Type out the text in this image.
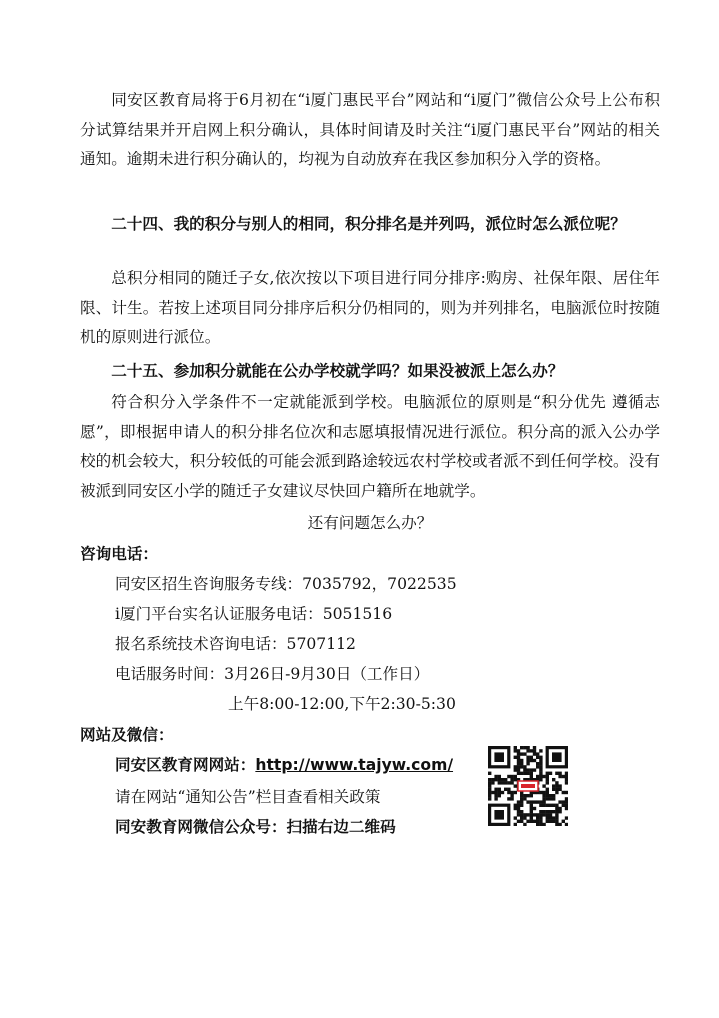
同安区教育局将于6月初在“i厦门惠民平台”网站和“i厦门”微信公众号上公布积分试算结果并开启网上积分确认，具体时间请及时关注“i厦门惠民平台”网站的相关通知。逾期未进行积分确认的，均视为自动放弃在我区参加积分入学的资格。

二十四、我的积分与别人的相同，积分排名是并列吗，派位时怎么派位呢？

总积分相同的随迁子女,依次按以下项目进行同分排序:购房、社保年限、居住年限、计生。若按上述项目同分排序后积分仍相同的，则为并列排名，电脑派位时按随机的原则进行派位。

二十五、参加积分就能在公办学校就学吗？如果没被派上怎么办？

符合积分入学条件不一定就能派到学校。电脑派位的原则是“积分优先 遵循志愿”，即根据申请人的积分排名位次和志愿填报情况进行派位。积分高的派入公办学校的机会较大，积分较低的可能会派到路途较远农村学校或者派不到任何学校。没有被派到同安区小学的随迁子女建议尽快回户籍所在地就学。

还有问题怎么办？
咨询电话：
同安区招生咨询服务专线：7035792，7022535
i厦门平台实名认证服务电话：5051516
报名系统技术咨询电话：5707112
电话服务时间：3月26日-9月30日（工作日）
上午8:00-12:00,下午2:30-5:30
网站及微信：
同安区教育网网站：http://www.tajyw.com/
请在网站“通知公告”栏目查看相关政策
同安教育网微信公众号：扫描右边二维码
